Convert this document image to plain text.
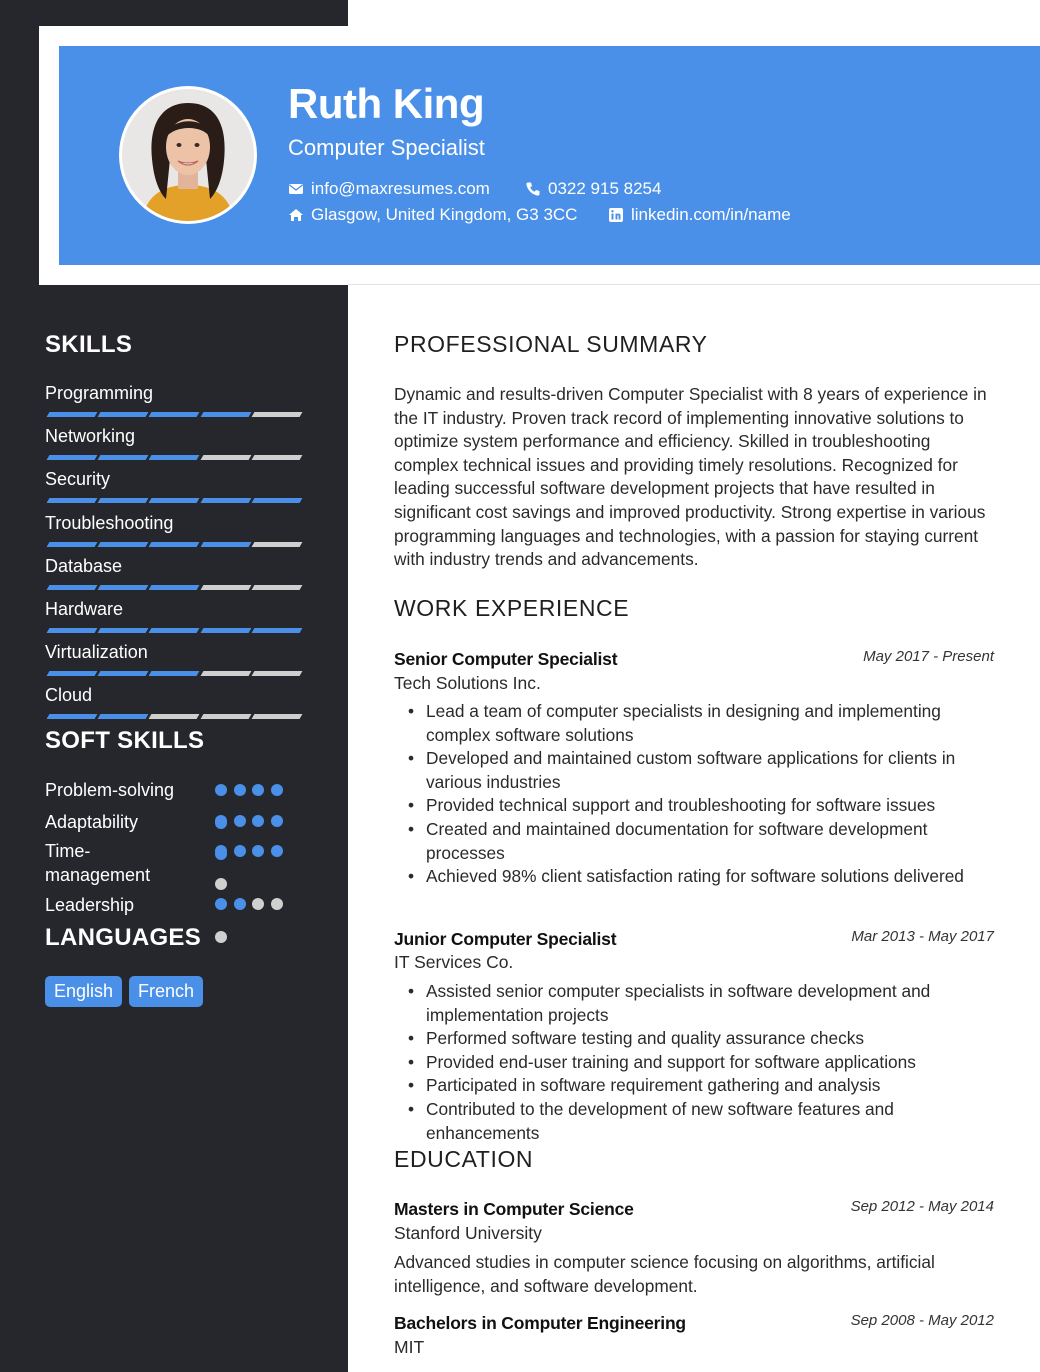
Ruth King
Computer Specialist
info@maxresumes.com	0322 915 8254
Glasgow, United Kingdom, G3 3CC	linkedin.com/in/name
SKILLS
Programming
Networking
Security
Troubleshooting
Database
Hardware
Virtualization
Cloud
SOFT SKILLS
Problem-solving
Adaptability
Time-management
Leadership
LANGUAGES
English	French
PROFESSIONAL SUMMARY
Dynamic and results-driven Computer Specialist with 8 years of experience in the IT industry. Proven track record of implementing innovative solutions to optimize system performance and efficiency. Skilled in troubleshooting complex technical issues and providing timely resolutions. Recognized for leading successful software development projects that have resulted in significant cost savings and improved productivity. Strong expertise in various programming languages and technologies, with a passion for staying current with industry trends and advancements.
WORK EXPERIENCE
Senior Computer Specialist	May 2017 - Present
Tech Solutions Inc.
• Lead a team of computer specialists in designing and implementing complex software solutions
• Developed and maintained custom software applications for clients in various industries
• Provided technical support and troubleshooting for software issues
• Created and maintained documentation for software development processes
• Achieved 98% client satisfaction rating for software solutions delivered
Junior Computer Specialist	Mar 2013 - May 2017
IT Services Co.
• Assisted senior computer specialists in software development and implementation projects
• Performed software testing and quality assurance checks
• Provided end-user training and support for software applications
• Participated in software requirement gathering and analysis
• Contributed to the development of new software features and enhancements
EDUCATION
Masters in Computer Science	Sep 2012 - May 2014
Stanford University
Advanced studies in computer science focusing on algorithms, artificial intelligence, and software development.
Bachelors in Computer Engineering	Sep 2008 - May 2012
MIT
